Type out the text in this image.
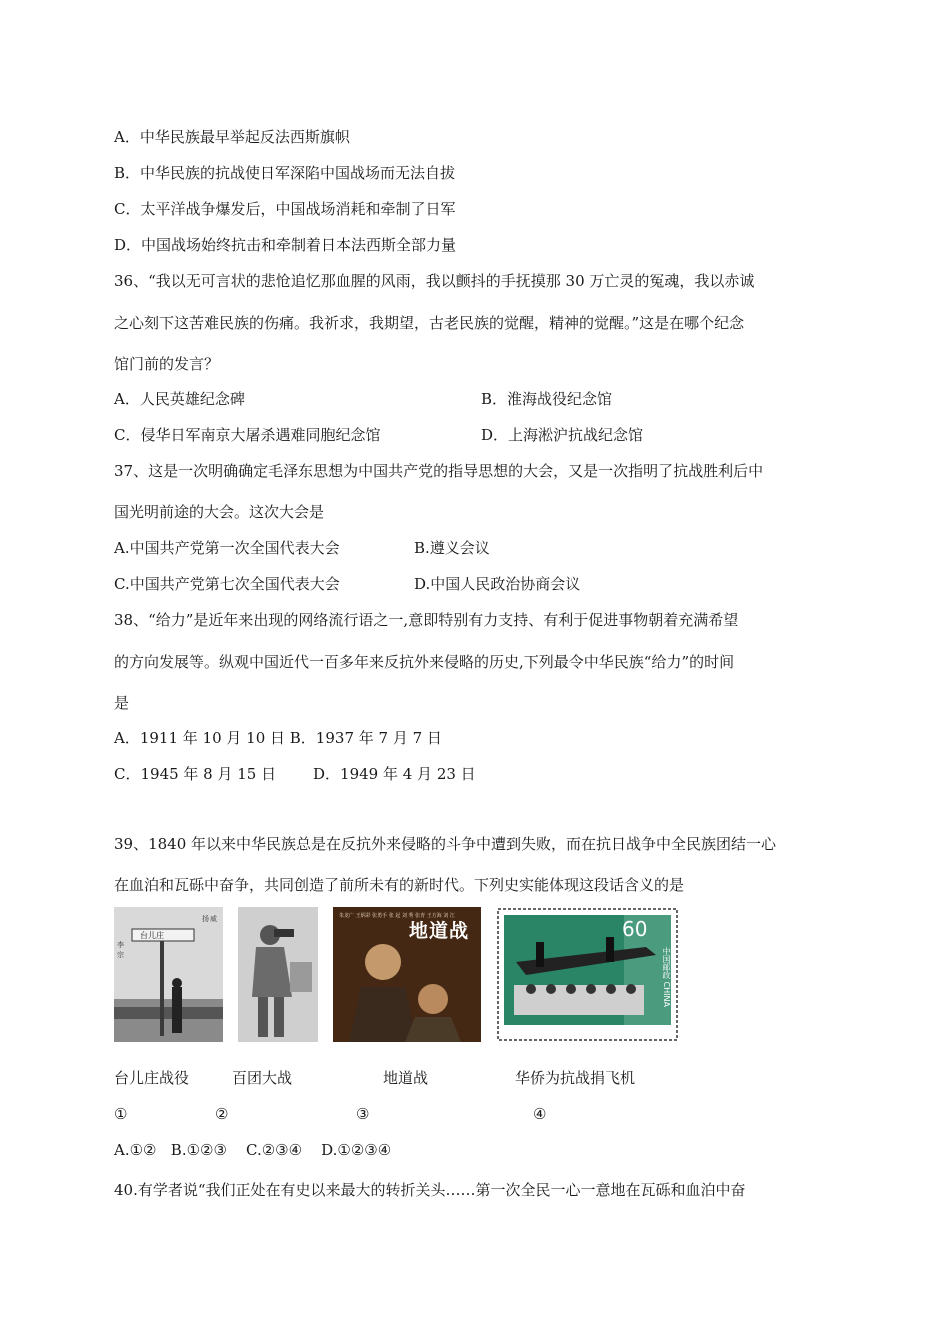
A．中华民族最早举起反法西斯旗帜
B．中华民族的抗战使日军深陷中国战场而无法自拔
C．太平洋战争爆发后，中国战场消耗和牵制了日军
D．中国战场始终抗击和牵制着日本法西斯全部力量
36、“我以无可言状的悲怆追忆那血腥的风雨，我以颤抖的手抚摸那 30 万亡灵的冤魂，我以赤诚
之心刻下这苦难民族的伤痛。我祈求，我期望，古老民族的觉醒，精神的觉醒。”这是在哪个纪念
馆门前的发言？
A．人民英雄纪念碑	B．淮海战役纪念馆
C．侵华日军南京大屠杀遇难同胞纪念馆	D．上海淞沪抗战纪念馆
37、这是一次明确确定毛泽东思想为中国共产党的指导思想的大会，又是一次指明了抗战胜利后中
国光明前途的大会。这次大会是
A.中国共产党第一次全国代表大会	B.遵义会议
C.中国共产党第七次全国代表大会	D.中国人民政治协商会议
38、“给力”是近年来出现的网络流行语之一,意即特别有力支持、有利于促进事物朝着充满希望
的方向发展等。纵观中国近代一百多年来反抗外来侵略的历史,下列最令中华民族“给力”的时间
是
A．1911 年 10 月 10 日 B．1937 年 7 月 7 日
C．1945 年 8 月 15 日 D．1949 年 4 月 23 日
39、1840 年以来中华民族总是在反抗外来侵略的斗争中遭到失败，而在抗日战争中全民族团结一心
在血泊和瓦砾中奋争，共同创造了前所未有的新时代。下列史实能体现这段话含义的是
李
宗
扬 威
台儿庄
朱龙广 王炳彩 张勇手 张 起 刘 秀 张青 王方海 刘 江
地道战	60
中国邮政 CHINA
台儿庄战役	百团大战	地道战	华侨为抗战捐飞机
①	②	③	④
A.①②   B.①②③    C.②③④    D.①②③④
40.有学者说“我们正处在有史以来最大的转折关头……第一次全民一心一意地在瓦砾和血泊中奋
